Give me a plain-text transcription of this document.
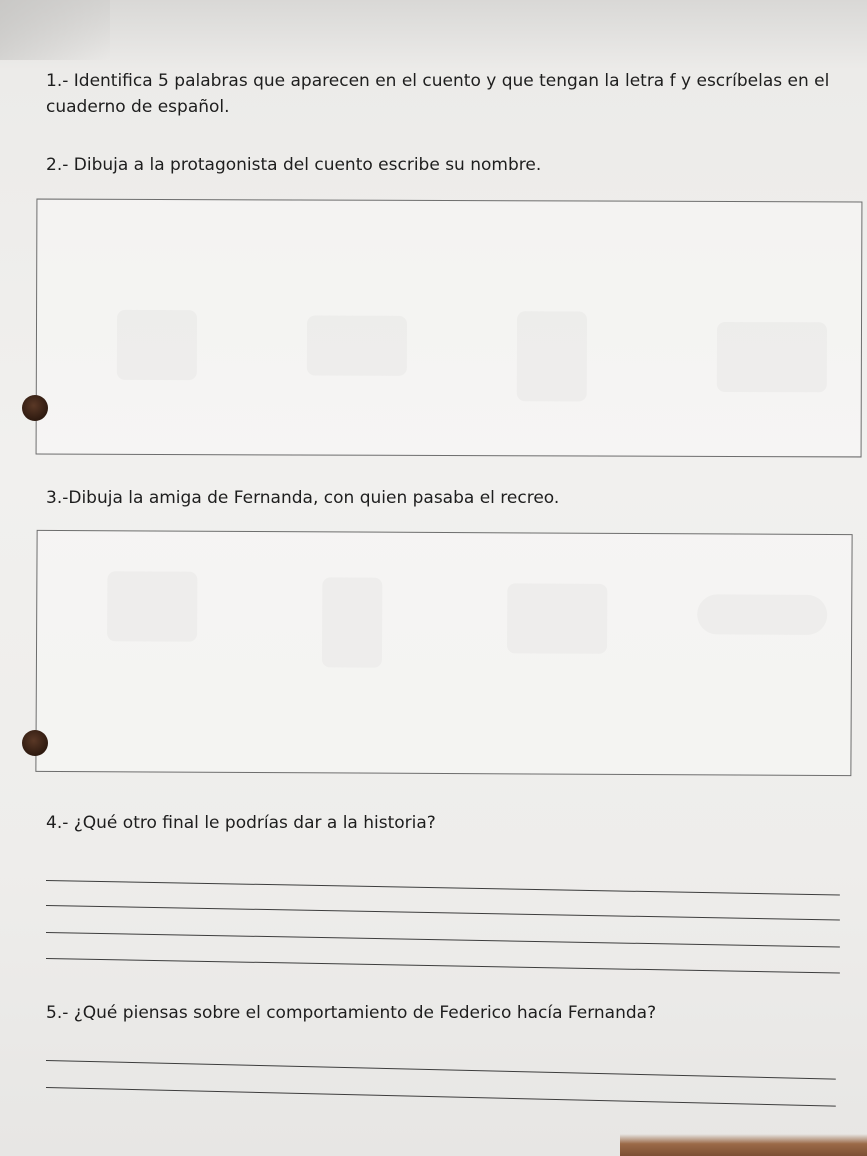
1.- Identifica 5 palabras que aparecen en el cuento y que tengan la letra f y escríbelas en el cuaderno de español.

2.- Dibuja a la protagonista del cuento escribe su nombre.

3.-Dibuja la amiga de Fernanda, con quien pasaba el recreo.

4.- ¿Qué otro final le podrías dar a la historia?

5.- ¿Qué piensas sobre el comportamiento de Federico hacía Fernanda?
